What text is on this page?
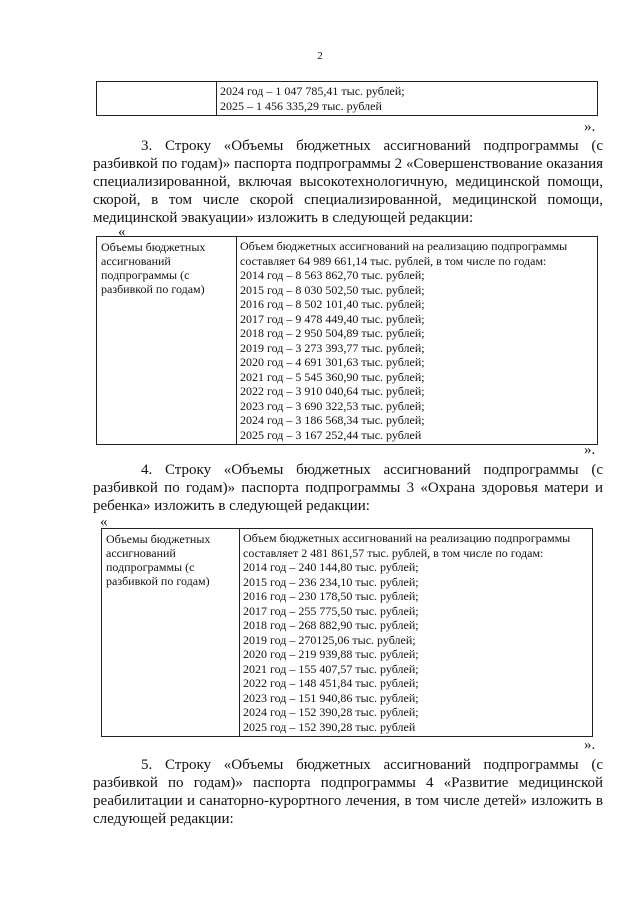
2

2024 год – 1 047 785,41 тыс. рублей;
2025 – 1 456 335,29 тыс. рублей
».
3. Строку «Объемы бюджетных ассигнований подпрограммы (с
разбивкой по годам)» паспорта подпрограммы 2 «Совершенствование оказания
специализированной, включая высокотехнологичную, медицинской помощи,
скорой, в том числе скорой специализированной, медицинской помощи,
медицинской эвакуации» изложить в следующей редакции:
«
Объемы бюджетных
ассигнований
подпрограммы (с
разбивкой по годам)

Объем бюджетных ассигнований на реализацию подпрограммы
составляет 64 989 661,14 тыс. рублей, в том числе по годам:
2014 год – 8 563 862,70 тыс. рублей;
2015 год – 8 030 502,50 тыс. рублей;
2016 год – 8 502 101,40 тыс. рублей;
2017 год – 9 478 449,40 тыс. рублей;
2018 год – 2 950 504,89 тыс. рублей;
2019 год – 3 273 393,77 тыс. рублей;
2020 год – 4 691 301,63 тыс. рублей;
2021 год – 5 545 360,90 тыс. рублей;
2022 год – 3 910 040,64 тыс. рублей;
2023 год – 3 690 322,53 тыс. рублей;
2024 год – 3 186 568,34 тыс. рублей;
2025 год – 3 167 252,44 тыс. рублей
».
4. Строку «Объемы бюджетных ассигнований подпрограммы (с
разбивкой по годам)» паспорта подпрограммы 3 «Охрана здоровья матери и
ребенка» изложить в следующей редакции:
«
Объемы бюджетных
ассигнований
подпрограммы (с
разбивкой по годам)

Объем бюджетных ассигнований на реализацию подпрограммы
составляет 2 481 861,57 тыс. рублей, в том числе по годам:
2014 год – 240 144,80 тыс. рублей;
2015 год – 236 234,10 тыс. рублей;
2016 год – 230 178,50 тыс. рублей;
2017 год – 255 775,50 тыс. рублей;
2018 год – 268 882,90 тыс. рублей;
2019 год – 270125,06 тыс. рублей;
2020 год – 219 939,88 тыс. рублей;
2021 год – 155 407,57 тыс. рублей;
2022 год – 148 451,84 тыс. рублей;
2023 год – 151 940,86 тыс. рублей;
2024 год – 152 390,28 тыс. рублей;
2025 год – 152 390,28 тыс. рублей
».
5. Строку «Объемы бюджетных ассигнований подпрограммы (с
разбивкой по годам)» паспорта подпрограммы 4 «Развитие медицинской
реабилитации и санаторно-курортного лечения, в том числе детей» изложить в
следующей редакции:
